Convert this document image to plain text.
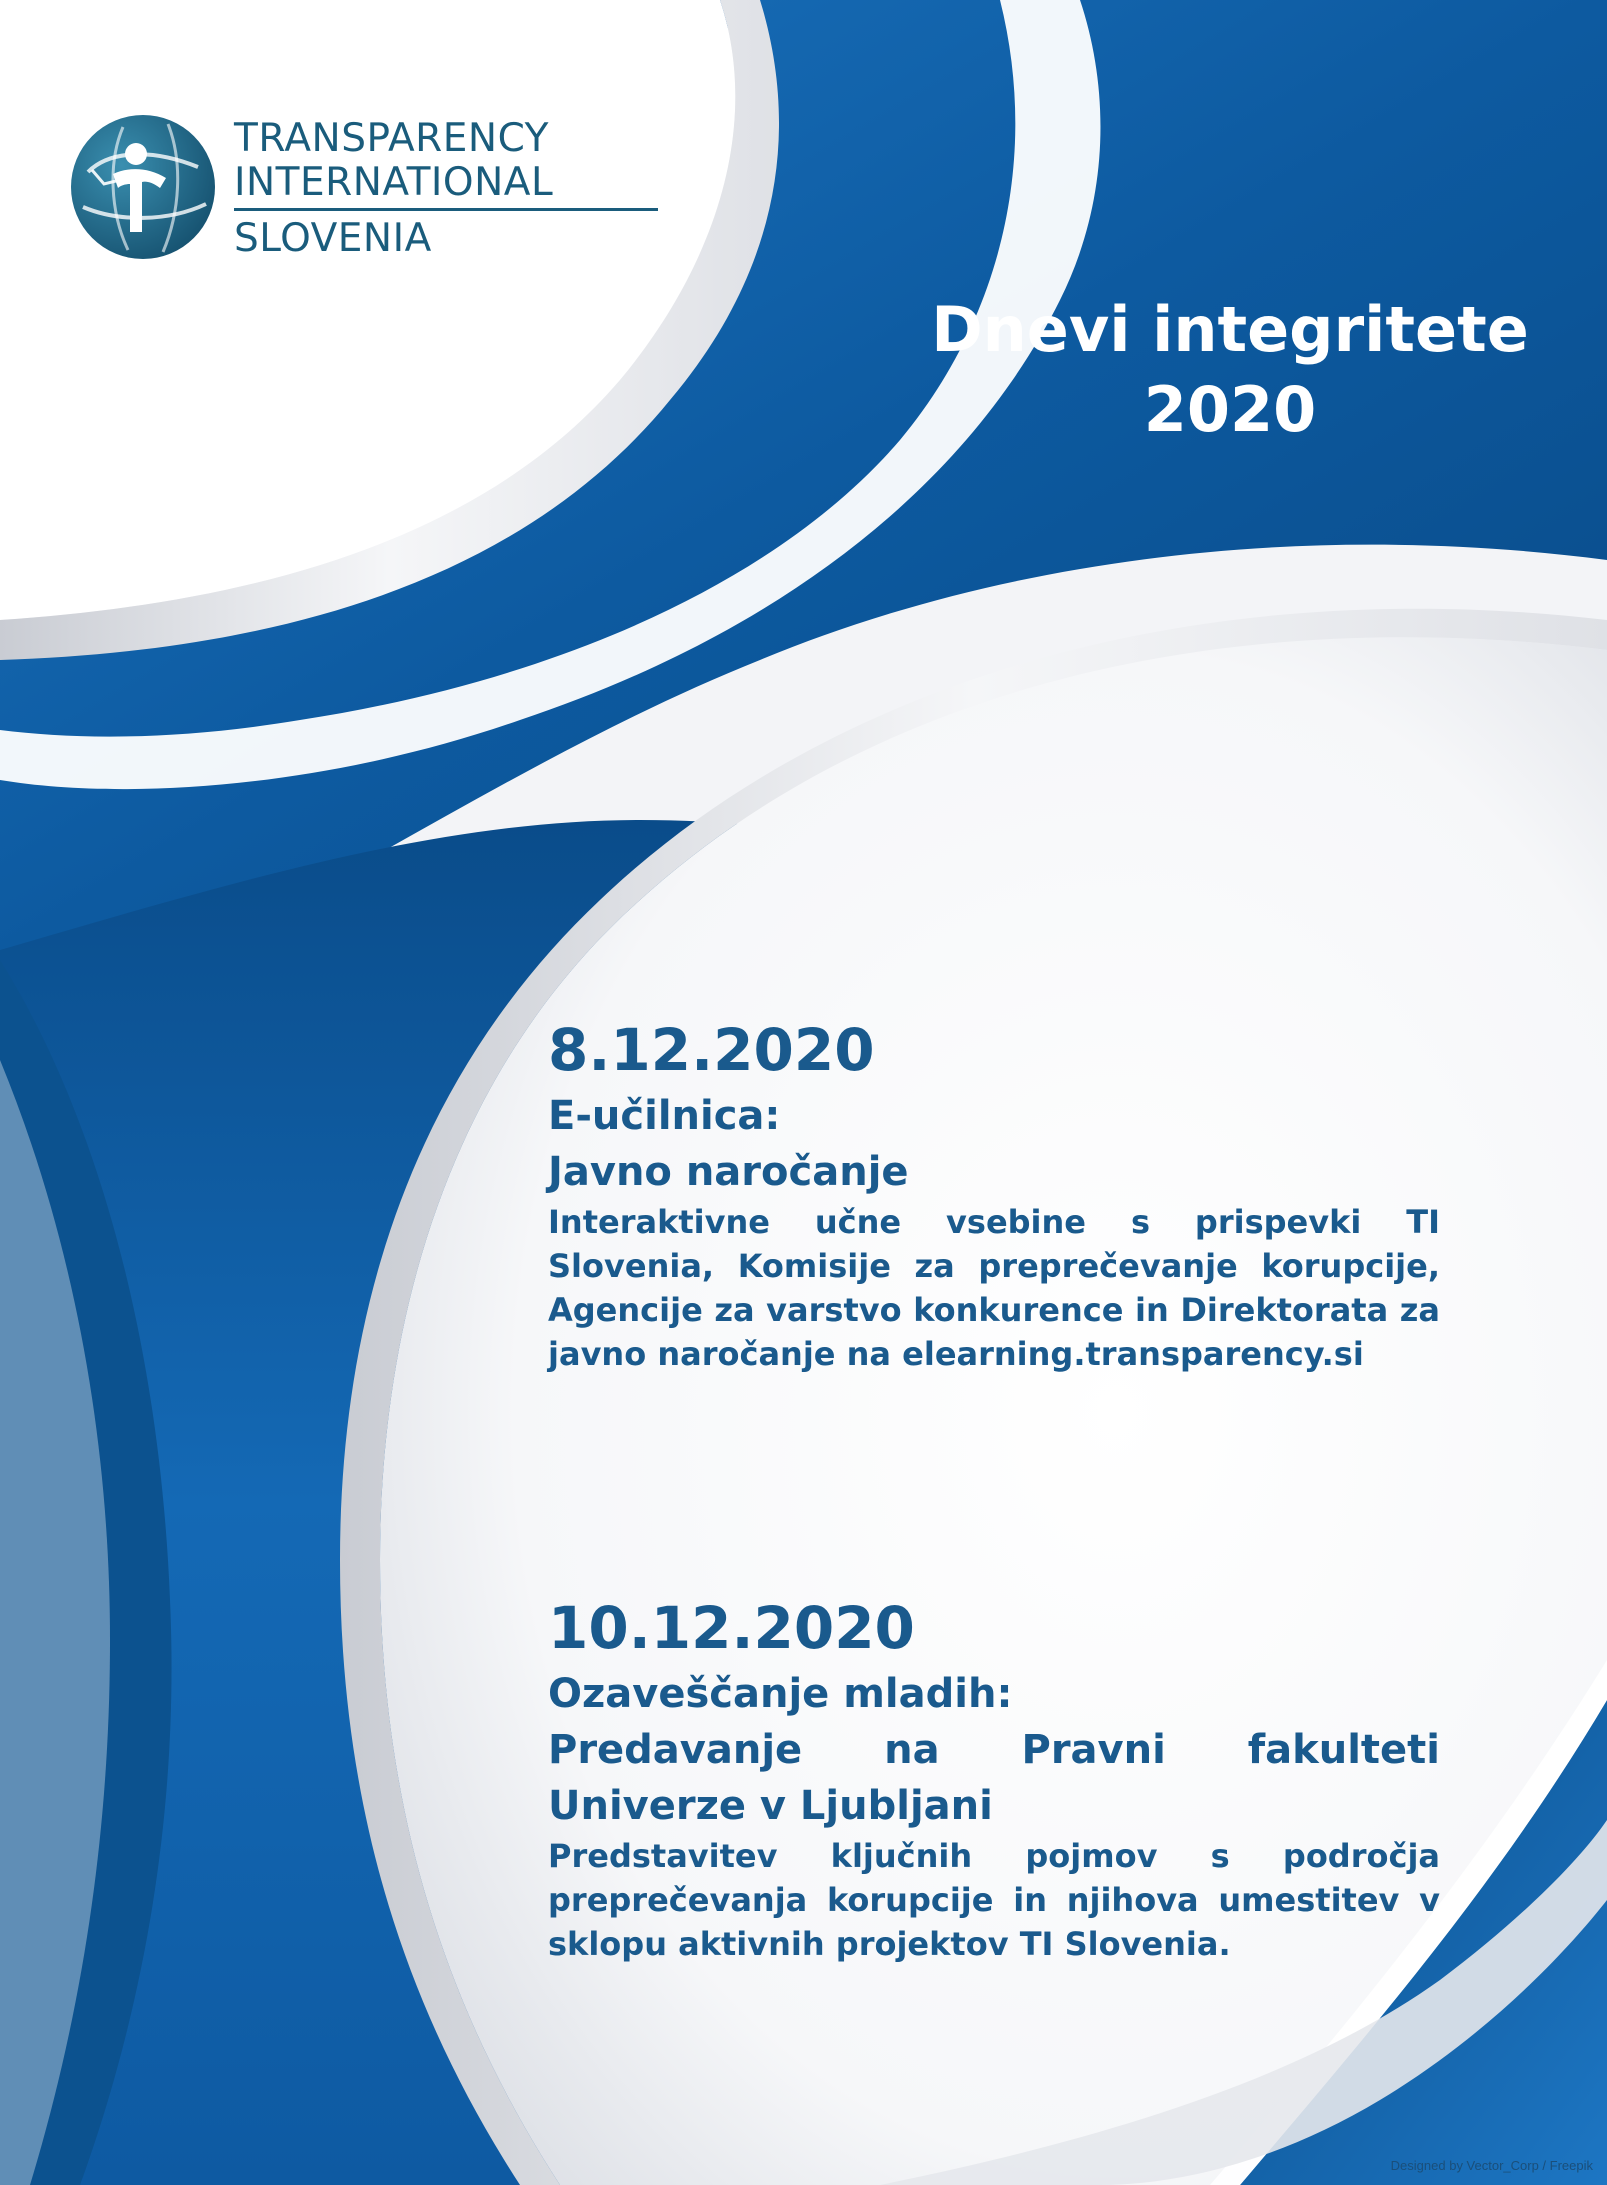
TRANSPARENCY
INTERNATIONAL
SLOVENIA
Dnevi integritete
2020
8.12.2020
E-učilnica:
Javno naročanje
Interaktivne učne vsebine s prispevki TI Slovenia, Komisije za preprečevanje korupcije, Agencije za varstvo konkurence in Direktorata za javno naročanje na elearning.transparency.si
10.12.2020
Ozaveščanje mladih:
Predavanje na Pravni fakulteti Univerze v Ljubljani
Predstavitev ključnih pojmov s področja preprečevanja korupcije in njihova umestitev v sklopu aktivnih projektov TI Slovenia.
Designed by Vector_Corp / Freepik
